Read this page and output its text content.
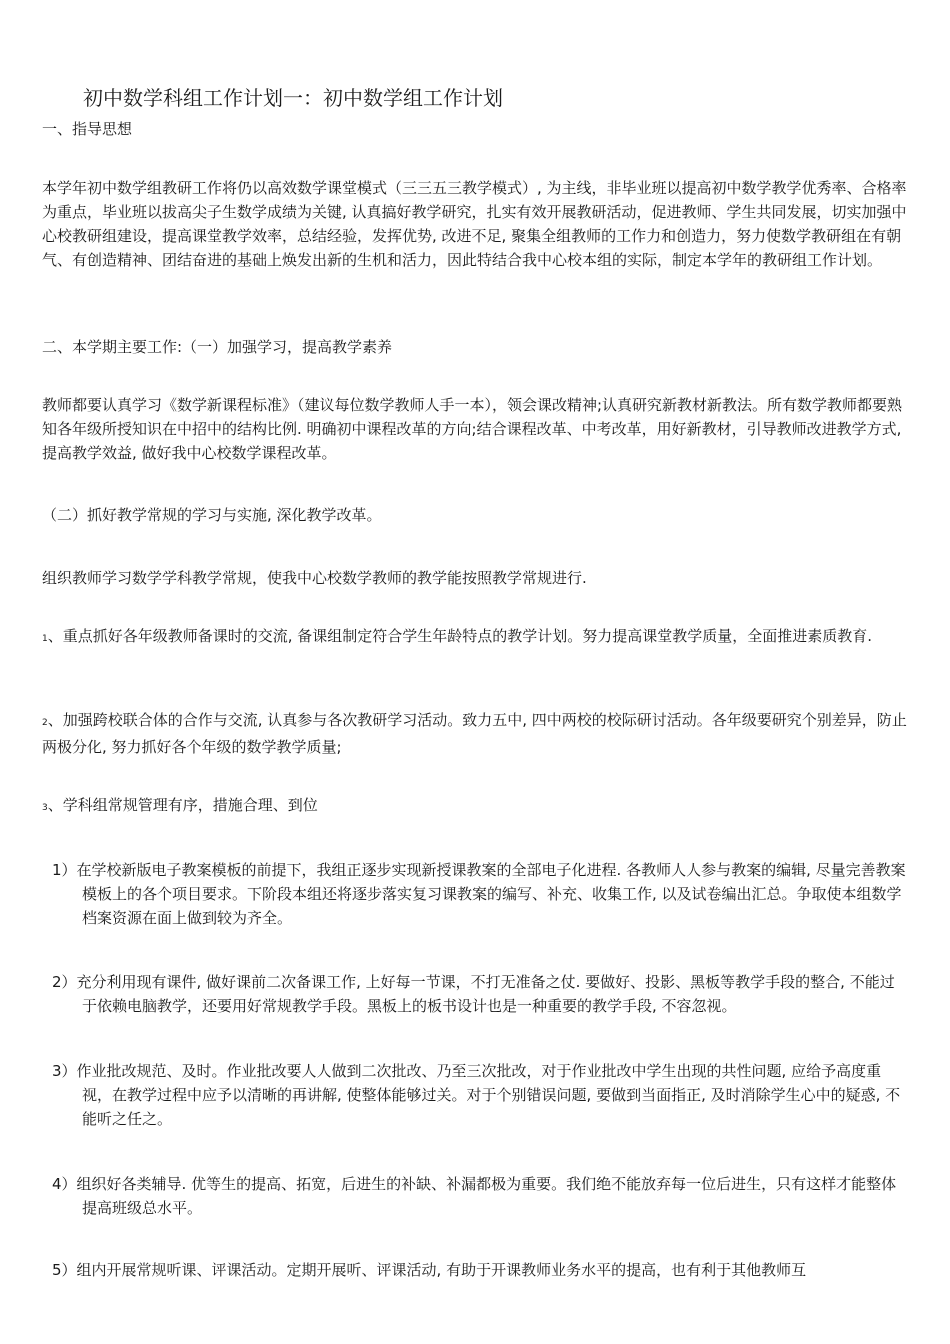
初中数学科组工作计划一：初中数学组工作计划
一、指导思想
本学年初中数学组教研工作将仍以高效数学课堂模式（三三五三教学模式）, 为主线，非毕业班以提高初中数学教学优秀率、合格率为重点，毕业班以拔高尖子生数学成绩为关键, 认真搞好教学研究，扎实有效开展教研活动，促进教师、学生共同发展，切实加强中心校教研组建设，提高课堂教学效率，总结经验，发挥优势, 改进不足, 聚集全组教师的工作力和创造力，努力使数学教研组在有朝气、有创造精神、团结奋进的基础上焕发出新的生机和活力，因此特结合我中心校本组的实际，制定本学年的教研组工作计划。
二、本学期主要工作:（一）加强学习，提高教学素养
教师都要认真学习《数学新课程标准》（建议每位数学教师人手一本），领会课改精神;认真研究新教材新教法。所有数学教师都要熟知各年级所授知识在中招中的结构比例. 明确初中课程改革的方向;结合课程改革、中考改革，用好新教材，引导教师改进教学方式, 提高教学效益, 做好我中心校数学课程改革。
（二）抓好教学常规的学习与实施, 深化教学改革。
组织教师学习数学学科教学常规，使我中心校数学教师的教学能按照教学常规进行.
1、重点抓好各年级教师备课时的交流, 备课组制定符合学生年龄特点的教学计划。努力提高课堂教学质量，全面推进素质教育.
2、加强跨校联合体的合作与交流, 认真参与各次教研学习活动。致力五中, 四中两校的校际研讨活动。各年级要研究个别差异，防止两极分化, 努力抓好各个年级的数学教学质量;
3、学科组常规管理有序，措施合理、到位
1）在学校新版电子教案模板的前提下，我组正逐步实现新授课教案的全部电子化进程. 各教师人人参与教案的编辑, 尽量完善教案模板上的各个项目要求。下阶段本组还将逐步落实复习课教案的编写、补充、收集工作, 以及试卷编出汇总。争取使本组数学档案资源在面上做到较为齐全。
2）充分利用现有课件, 做好课前二次备课工作, 上好每一节课，不打无准备之仗. 要做好、投影、黑板等教学手段的整合, 不能过于依赖电脑教学，还要用好常规教学手段。黑板上的板书设计也是一种重要的教学手段, 不容忽视。
3）作业批改规范、及时。作业批改要人人做到二次批改、乃至三次批改，对于作业批改中学生出现的共性问题, 应给予高度重视，在教学过程中应予以清晰的再讲解, 使整体能够过关。对于个别错误问题, 要做到当面指正, 及时消除学生心中的疑惑, 不能听之任之。
4）组织好各类辅导. 优等生的提高、拓宽，后进生的补缺、补漏都极为重要。我们绝不能放弃每一位后进生，只有这样才能整体提高班级总水平。
5）组内开展常规听课、评课活动。定期开展听、评课活动, 有助于开课教师业务水平的提高，也有利于其他教师互
